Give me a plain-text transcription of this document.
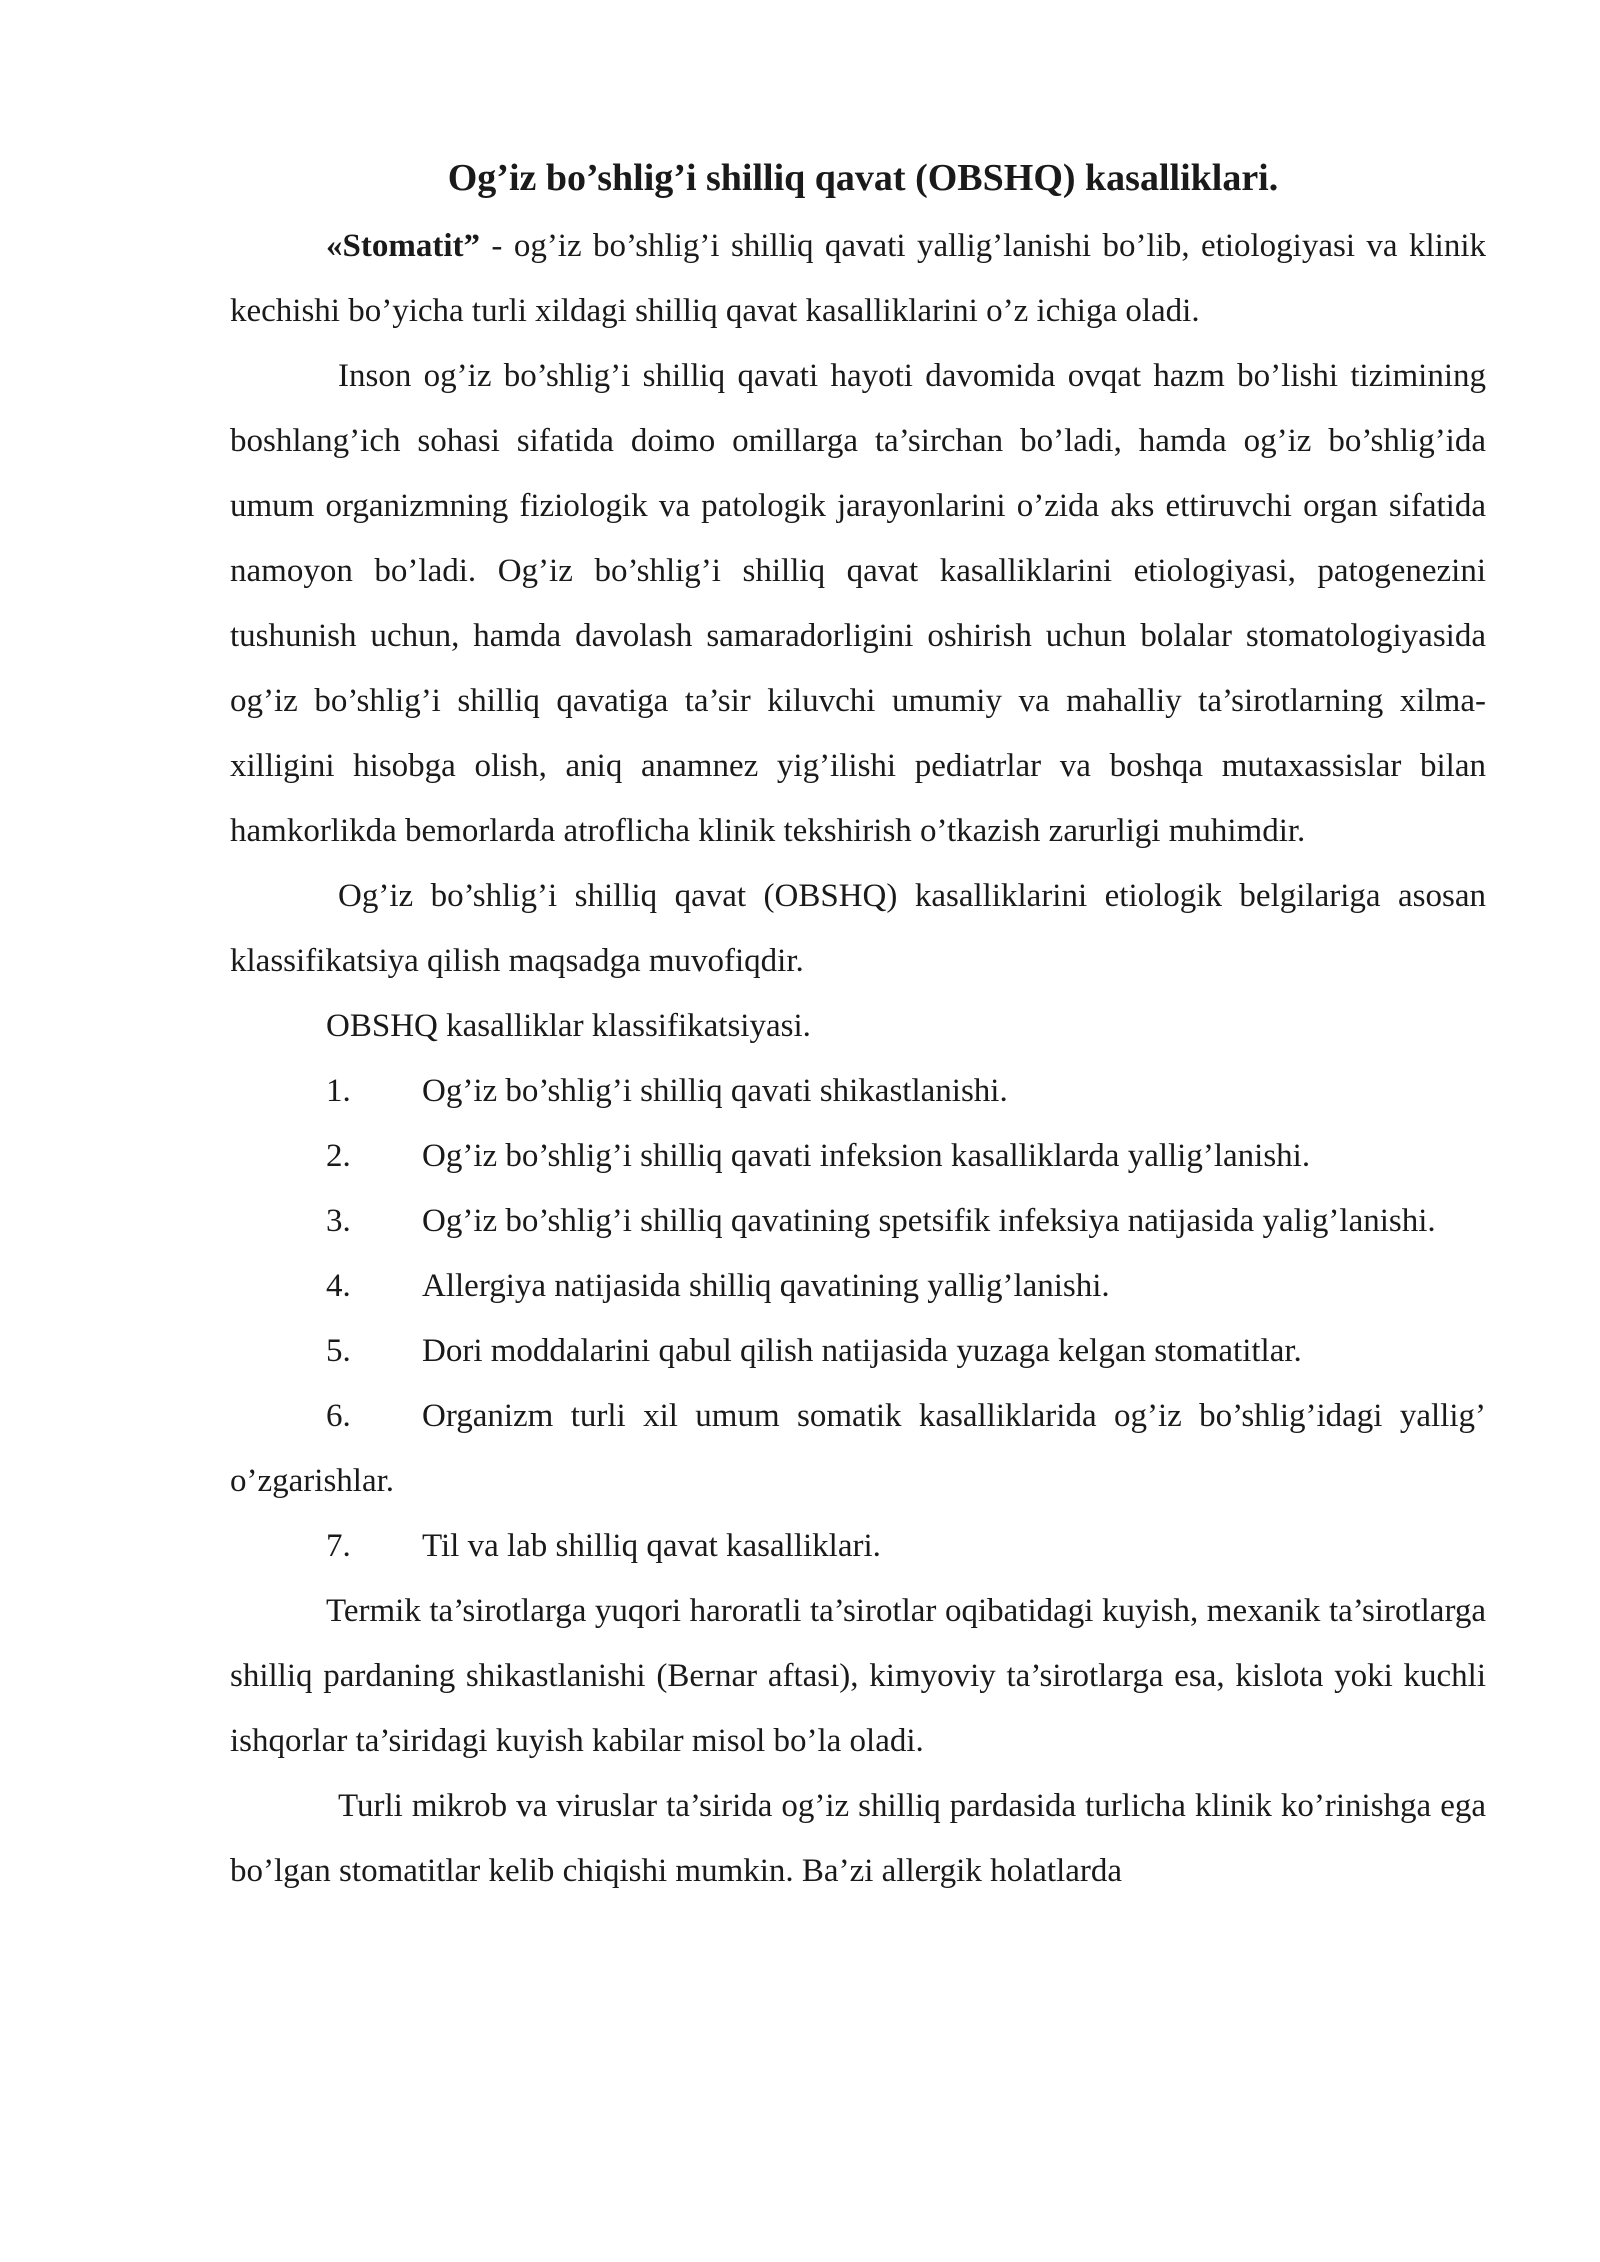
Og’iz bo’shlig’i shilliq qavat (OBSHQ) kasalliklari.

«Stomatit” - og’iz bo’shlig’i shilliq qavati yallig’lanishi bo’lib, etiologiyasi va klinik kechishi bo’yicha turli xildagi shilliq qavat kasalliklarini o’z ichiga oladi.

Inson og’iz bo’shlig’i shilliq qavati hayoti davomida ovqat hazm bo’lishi tizimining boshlang’ich sohasi sifatida doimo omillarga ta’sirchan bo’ladi, hamda og’iz bo’shlig’ida umum organizmning fiziologik va patologik jarayonlarini o’zida aks ettiruvchi organ sifatida namoyon bo’ladi. Og’iz bo’shlig’i shilliq qavat kasalliklarini etiologiyasi, patogenezini tushunish uchun, hamda davolash samaradorligini oshirish uchun bolalar stomatologiyasida og’iz bo’shlig’i shilliq qavatiga ta’sir kiluvchi umumiy va mahalliy ta’sirotlarning xilma-xilligini hisobga olish, aniq anamnez yig’ilishi pediatrlar va boshqa mutaxassislar bilan hamkorlikda bemorlarda atroflicha klinik tekshirish o’tkazish zarurligi muhimdir.

Og’iz bo’shlig’i shilliq qavat (OBSHQ) kasalliklarini etiologik belgilariga asosan klassifikatsiya qilish maqsadga muvofiqdir.

OBSHQ kasalliklar klassifikatsiyasi.

1. Og’iz bo’shlig’i shilliq qavati shikastlanishi.

2. Og’iz bo’shlig’i shilliq qavati infeksion kasalliklarda yallig’lanishi.

3. Og’iz bo’shlig’i shilliq qavatining spetsifik infeksiya natijasida yalig’lanishi.

4. Allergiya natijasida shilliq qavatining yallig’lanishi.

5. Dori moddalarini qabul qilish natijasida yuzaga kelgan stomatitlar.

6. Organizm turli xil umum somatik kasalliklarida og’iz bo’shlig’idagi yallig’ o’zgarishlar.

7. Til va lab shilliq qavat kasalliklari.

Termik ta’sirotlarga yuqori haroratli ta’sirotlar oqibatidagi kuyish, mexanik ta’sirotlarga shilliq pardaning shikastlanishi (Bernar aftasi), kimyoviy ta’sirotlarga esa, kislota yoki kuchli ishqorlar ta’siridagi kuyish kabilar misol bo’la oladi.

Turli mikrob va viruslar ta’sirida og’iz shilliq pardasida turlicha klinik ko’rinishga ega bo’lgan stomatitlar kelib chiqishi mumkin. Ba’zi allergik holatlarda
